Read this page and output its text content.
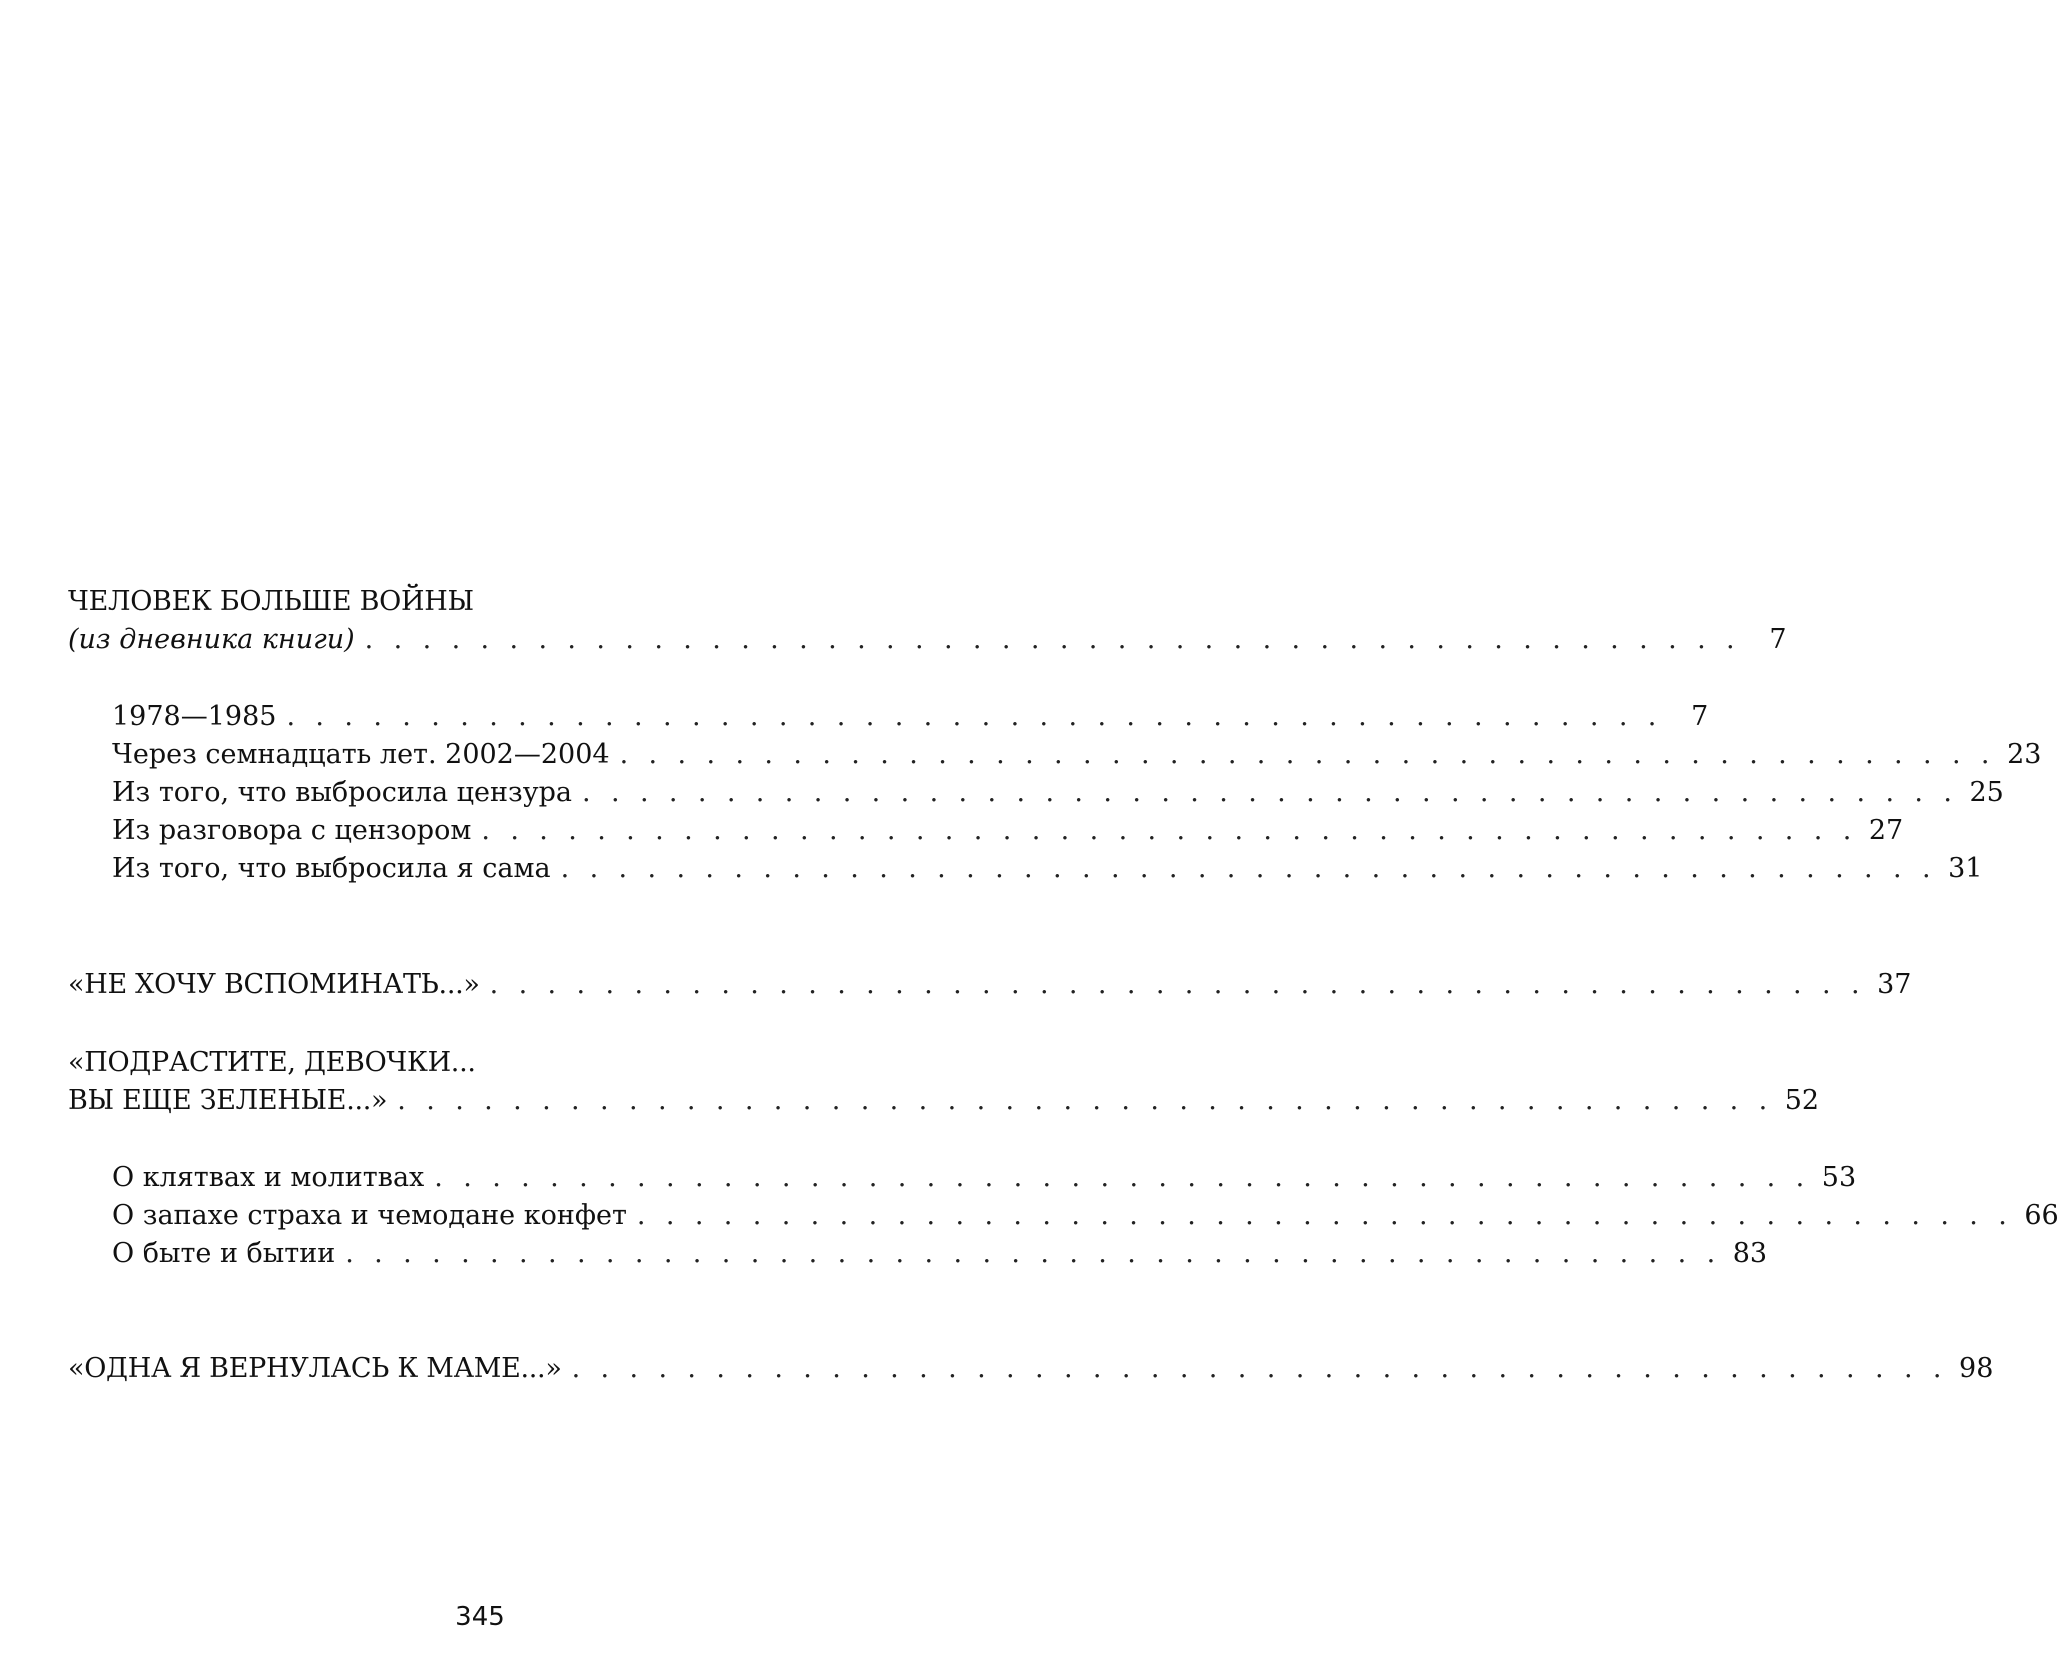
ЧЕЛОВЕК БОЛЬШЕ ВОЙНЫ
(из дневника книги) . . . . . . . . . . . . . . . . . . . . . . . . . . . . . . . . . . . . . . . . . . . . . . . .	7
1978—1985 . . . . . . . . . . . . . . . . . . . . . . . . . . . . . . . . . . . . . . . . . . . . . . . .	7
Через семнадцать лет. 2002—2004 . . . . . . . . . . . . . . . . . . . . . . . . . . . . . . . . . . . . . . . . . . . . . . . . 23
Из того, что выбросила цензура . . . . . . . . . . . . . . . . . . . . . . . . . . . . . . . . . . . . . . . . . . . . . . . . 25
Из разговора с цензором . . . . . . . . . . . . . . . . . . . . . . . . . . . . . . . . . . . . . . . . . . . . . . . . 27
Из того, что выбросила я сама . . . . . . . . . . . . . . . . . . . . . . . . . . . . . . . . . . . . . . . . . . . . . . . . 31
«НЕ ХОЧУ ВСПОМИНАТЬ...» . . . . . . . . . . . . . . . . . . . . . . . . . . . . . . . . . . . . . . . . . . . . . . . . 37
«ПОДРАСТИТЕ, ДЕВОЧКИ...
ВЫ ЕЩЕ ЗЕЛЕНЫЕ...» . . . . . . . . . . . . . . . . . . . . . . . . . . . . . . . . . . . . . . . . . . . . . . . . 52
О клятвах и молитвах . . . . . . . . . . . . . . . . . . . . . . . . . . . . . . . . . . . . . . . . . . . . . . . . 53
О запахе страха и чемодане конфет . . . . . . . . . . . . . . . . . . . . . . . . . . . . . . . . . . . . . . . . . . . . . . . . 66
О быте и бытии . . . . . . . . . . . . . . . . . . . . . . . . . . . . . . . . . . . . . . . . . . . . . . . . 83
«ОДНА Я ВЕРНУЛАСЬ К МАМЕ...» . . . . . . . . . . . . . . . . . . . . . . . . . . . . . . . . . . . . . . . . . . . . . . . . 98
345
